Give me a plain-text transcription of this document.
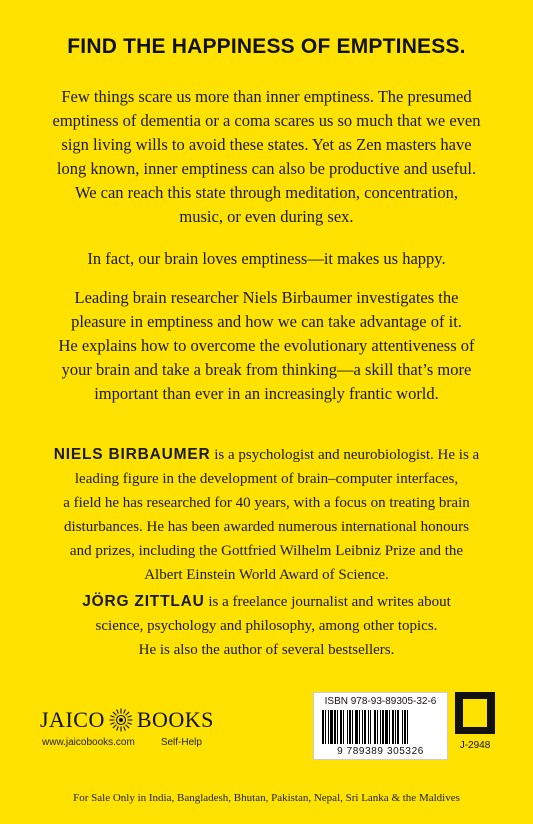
FIND THE HAPPINESS OF EMPTINESS.
Few things scare us more than inner emptiness. The presumed
emptiness of dementia or a coma scares us so much that we even
sign living wills to avoid these states. Yet as Zen masters have
long known, inner emptiness can also be productive and useful.
We can reach this state through meditation, concentration,
music, or even during sex.
In fact, our brain loves emptiness—it makes us happy.
Leading brain researcher Niels Birbaumer investigates the
pleasure in emptiness and how we can take advantage of it.
He explains how to overcome the evolutionary attentiveness of
your brain and take a break from thinking—a skill that’s more
important than ever in an increasingly frantic world.
NIELS BIRBAUMER is a psychologist and neurobiologist. He is a
leading figure in the development of brain–computer interfaces,
a field he has researched for 40 years, with a focus on treating brain
disturbances. He has been awarded numerous international honours
and prizes, including the Gottfried Wilhelm Leibniz Prize and the
Albert Einstein World Award of Science.
JÖRG ZITTLAU is a freelance journalist and writes about
science, psychology and philosophy, among other topics.
He is also the author of several bestsellers.
JAICO BOOKS
www.jaicobooks.com	Self-Help
ISBN 978-93-89305-32-6
9 789389 305326
J-2948
For Sale Only in India, Bangladesh, Bhutan, Pakistan, Nepal, Sri Lanka & the Maldives
